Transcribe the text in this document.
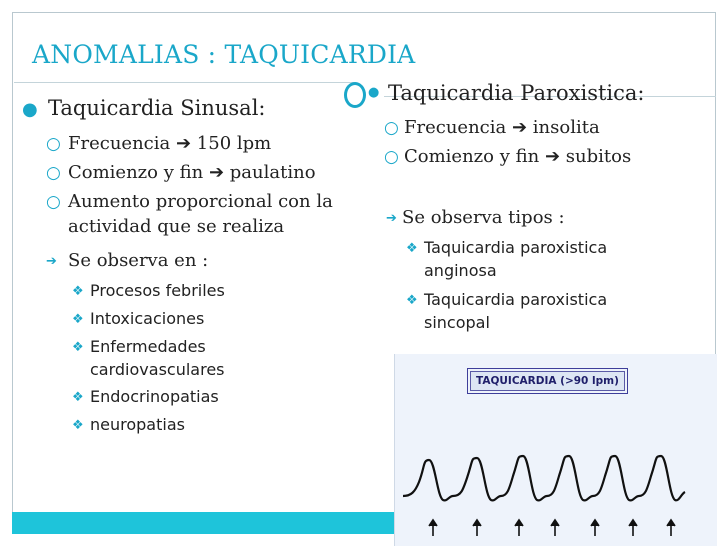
ANOMALIAS : TAQUICARDIA
● Taquicardia Sinusal:
○ Frecuencia ➔ 150 lpm
○ Comienzo y fin ➔ paulatino
○ Aumento proporcional con la
actividad que se realiza
➔ Se observa en :
❖ Procesos febriles
❖ Intoxicaciones
❖ Enfermedades
cardiovasculares
❖ Endocrinopatias
❖ neuropatias
● Taquicardia Paroxistica:
○ Frecuencia ➔ insolita
○ Comienzo y fin ➔ subitos
➔ Se observa tipos :
❖ Taquicardia paroxistica
anginosa
❖ Taquicardia paroxistica
sincopal
TAQUICARDIA (>90 lpm)
